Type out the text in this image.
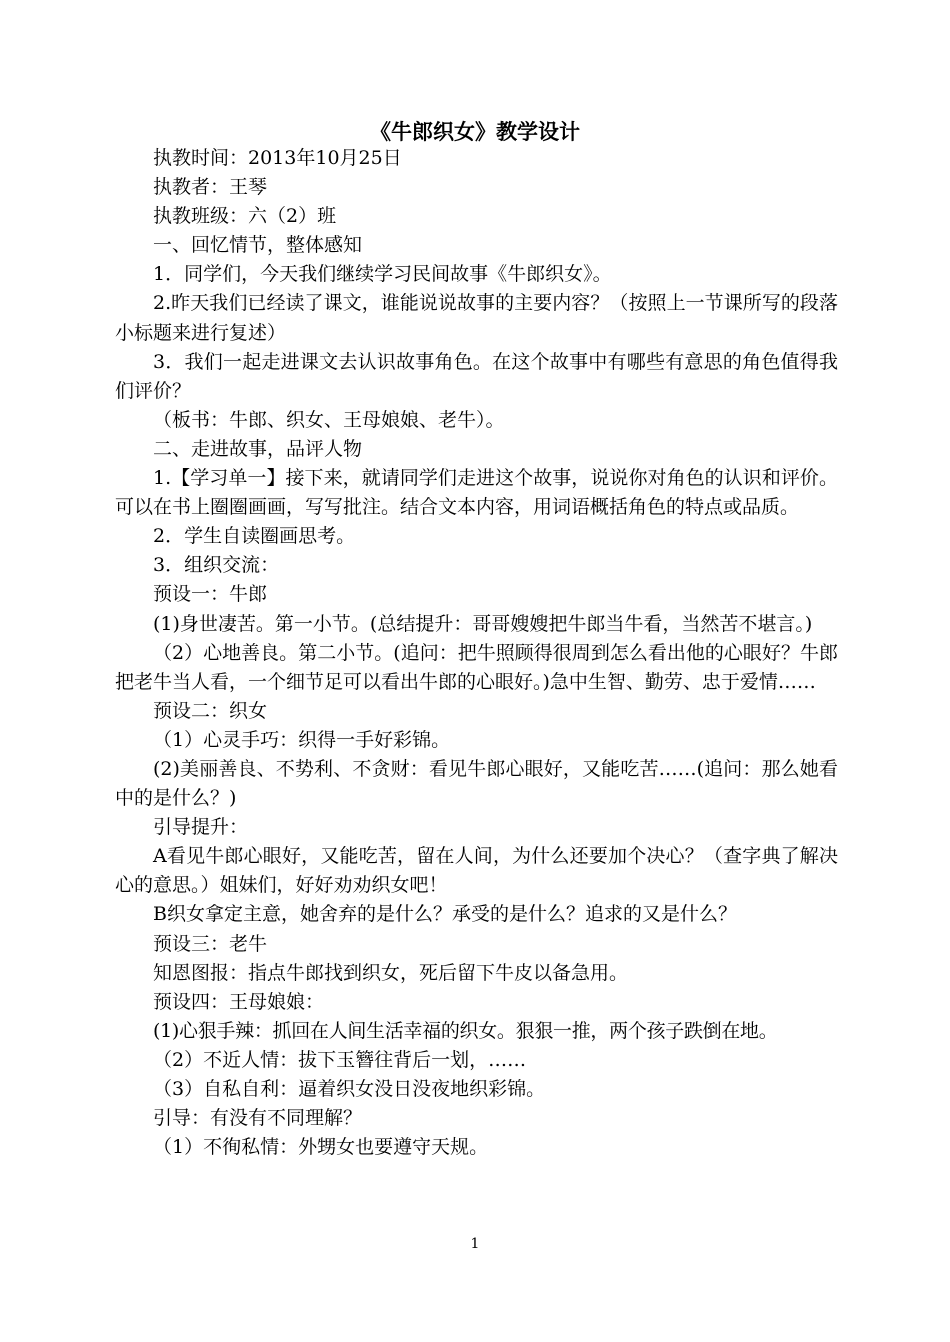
《牛郎织女》教学设计

执教时间：2013年10月25日

执教者：王琴

执教班级：六（2）班

一、回忆情节，整体感知

1．同学们，今天我们继续学习民间故事《牛郎织女》。

2.昨天我们已经读了课文，谁能说说故事的主要内容？（按照上一节课所写的段落小标题来进行复述）

3．我们一起走进课文去认识故事角色。在这个故事中有哪些有意思的角色值得我们评价？

（板书：牛郎、织女、王母娘娘、老牛）。

二、走进故事，品评人物

1.【学习单一】接下来，就请同学们走进这个故事，说说你对角色的认识和评价。可以在书上圈圈画画，写写批注。结合文本内容，用词语概括角色的特点或品质。

2．学生自读圈画思考。

3．组织交流：

预设一：牛郎

(1)身世凄苦。第一小节。(总结提升：哥哥嫂嫂把牛郎当牛看，当然苦不堪言。)

（2）心地善良。第二小节。(追问：把牛照顾得很周到怎么看出他的心眼好？牛郎把老牛当人看，一个细节足可以看出牛郎的心眼好。)急中生智、勤劳、忠于爱情……

预设二：织女

（1）心灵手巧：织得一手好彩锦。

(2)美丽善良、不势利、不贪财：看见牛郎心眼好，又能吃苦……(追问：那么她看中的是什么？)

引导提升：

A看见牛郎心眼好，又能吃苦，留在人间，为什么还要加个决心？（查字典了解决心的意思。）姐妹们，好好劝劝织女吧！

B织女拿定主意，她舍弃的是什么？承受的是什么？追求的又是什么？

预设三：老牛

知恩图报：指点牛郎找到织女，死后留下牛皮以备急用。

预设四：王母娘娘：

(1)心狠手辣：抓回在人间生活幸福的织女。狠狠一推，两个孩子跌倒在地。

（2）不近人情：拔下玉簪往背后一划，……

（3）自私自利：逼着织女没日没夜地织彩锦。

引导：有没有不同理解？

（1）不徇私情：外甥女也要遵守天规。

1
